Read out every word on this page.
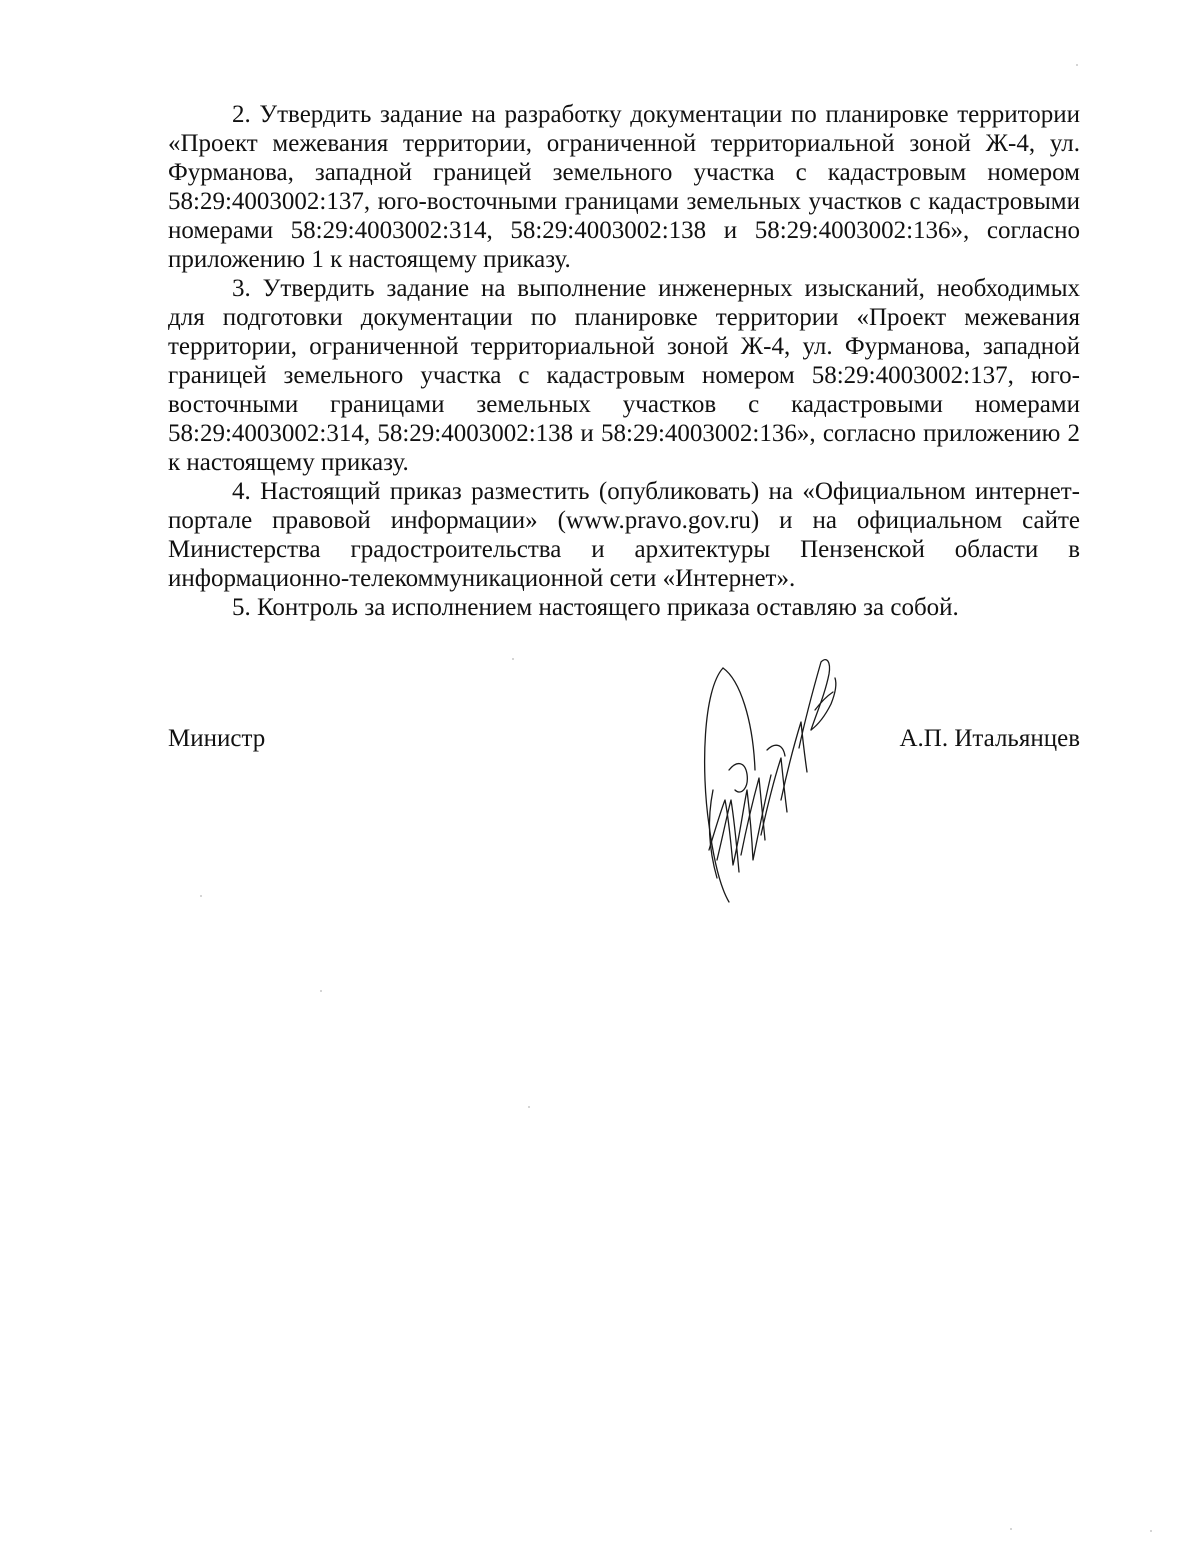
2. Утвердить задание на разработку документации по планировке территории «Проект межевания территории, ограниченной территориальной зоной Ж-4, ул. Фурманова, западной границей земельного участка с кадастровым номером 58:29:4003002:137, юго-восточными границами земельных участков с кадастровыми номерами 58:29:4003002:314, 58:29:4003002:138 и 58:29:4003002:136», согласно приложению 1 к настоящему приказу.

3. Утвердить задание на выполнение инженерных изысканий, необходимых для подготовки документации по планировке территории «Проект межевания территории, ограниченной территориальной зоной Ж-4, ул. Фурманова, западной границей земельного участка с кадастровым номером 58:29:4003002:137, юго-восточными границами земельных участков с кадастровыми номерами 58:29:4003002:314, 58:29:4003002:138 и 58:29:4003002:136», согласно приложению 2 к настоящему приказу.

4. Настоящий приказ разместить (опубликовать) на «Официальном интернет-портале правовой информации» (www.pravo.gov.ru) и на официальном сайте Министерства градостроительства и архитектуры Пензенской области в информационно-телекоммуникационной сети «Интернет».

5. Контроль за исполнением настоящего приказа оставляю за собой.

Министр	А.П. Итальянцев
